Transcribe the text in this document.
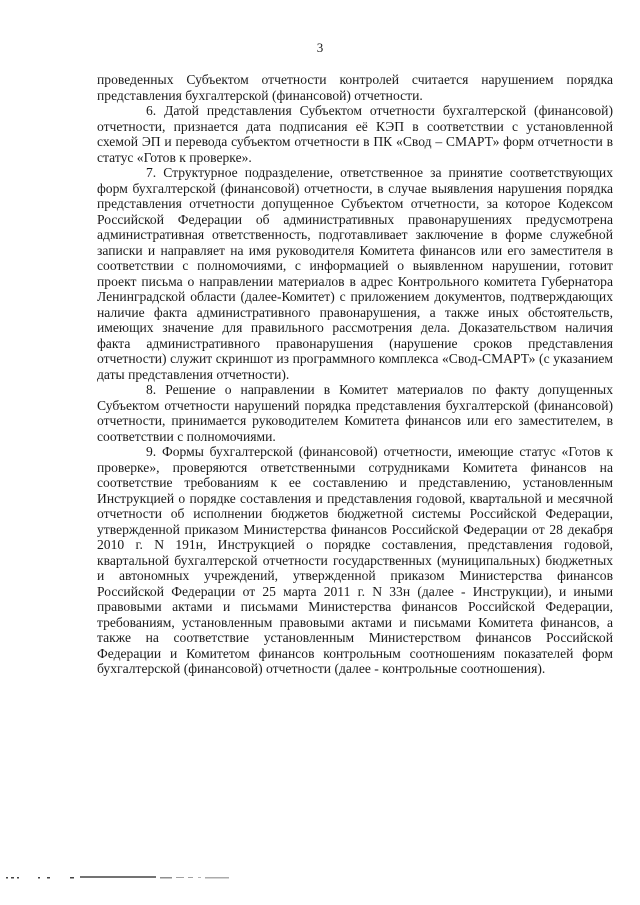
3

проведенных Субъектом отчетности контролей считается нарушением порядка представления бухгалтерской (финансовой) отчетности.

6. Датой представления Субъектом отчетности бухгалтерской (финансовой) отчетности, признается дата подписания её КЭП в соответствии с установленной схемой ЭП и перевода субъектом отчетности в ПК «Свод – СМАРТ» форм отчетности в статус «Готов к проверке».

7. Структурное подразделение, ответственное за принятие соответствующих форм бухгалтерской (финансовой) отчетности, в случае выявления нарушения порядка представления отчетности допущенное Субъектом отчетности, за которое Кодексом Российской Федерации об административных правонарушениях предусмотрена административная ответственность, подготавливает заключение в форме служебной записки и направляет на имя руководителя Комитета финансов или его заместителя в соответствии с полномочиями, с информацией о выявленном нарушении, готовит проект письма о направлении материалов в адрес Контрольного комитета Губернатора Ленинградской области (далее-Комитет) с приложением документов, подтверждающих наличие факта административного правонарушения, а также иных обстоятельств, имеющих значение для правильного рассмотрения дела. Доказательством наличия факта административного правонарушения (нарушение сроков представления отчетности) служит скриншот из программного комплекса «Свод-СМАРТ» (с указанием даты представления отчетности).

8. Решение о направлении в Комитет материалов по факту допущенных Субъектом отчетности нарушений порядка представления бухгалтерской (финансовой) отчетности, принимается руководителем Комитета финансов или его заместителем, в соответствии с полномочиями.

9. Формы бухгалтерской (финансовой) отчетности, имеющие статус «Готов к проверке», проверяются ответственными сотрудниками Комитета финансов на соответствие требованиям к ее составлению и представлению, установленным Инструкцией о порядке составления и представления годовой, квартальной и месячной отчетности об исполнении бюджетов бюджетной системы Российской Федерации, утвержденной приказом Министерства финансов Российской Федерации от 28 декабря 2010 г. N 191н, Инструкцией о порядке составления, представления годовой, квартальной бухгалтерской отчетности государственных (муниципальных) бюджетных и автономных учреждений, утвержденной приказом Министерства финансов Российской Федерации от 25 марта 2011 г. N 33н (далее - Инструкции), и иными правовыми актами и письмами Министерства финансов Российской Федерации, требованиям, установленным правовыми актами и письмами Комитета финансов, а также на соответствие установленным Министерством финансов Российской Федерации и Комитетом финансов контрольным соотношениям показателей форм бухгалтерской (финансовой) отчетности (далее - контрольные соотношения).
